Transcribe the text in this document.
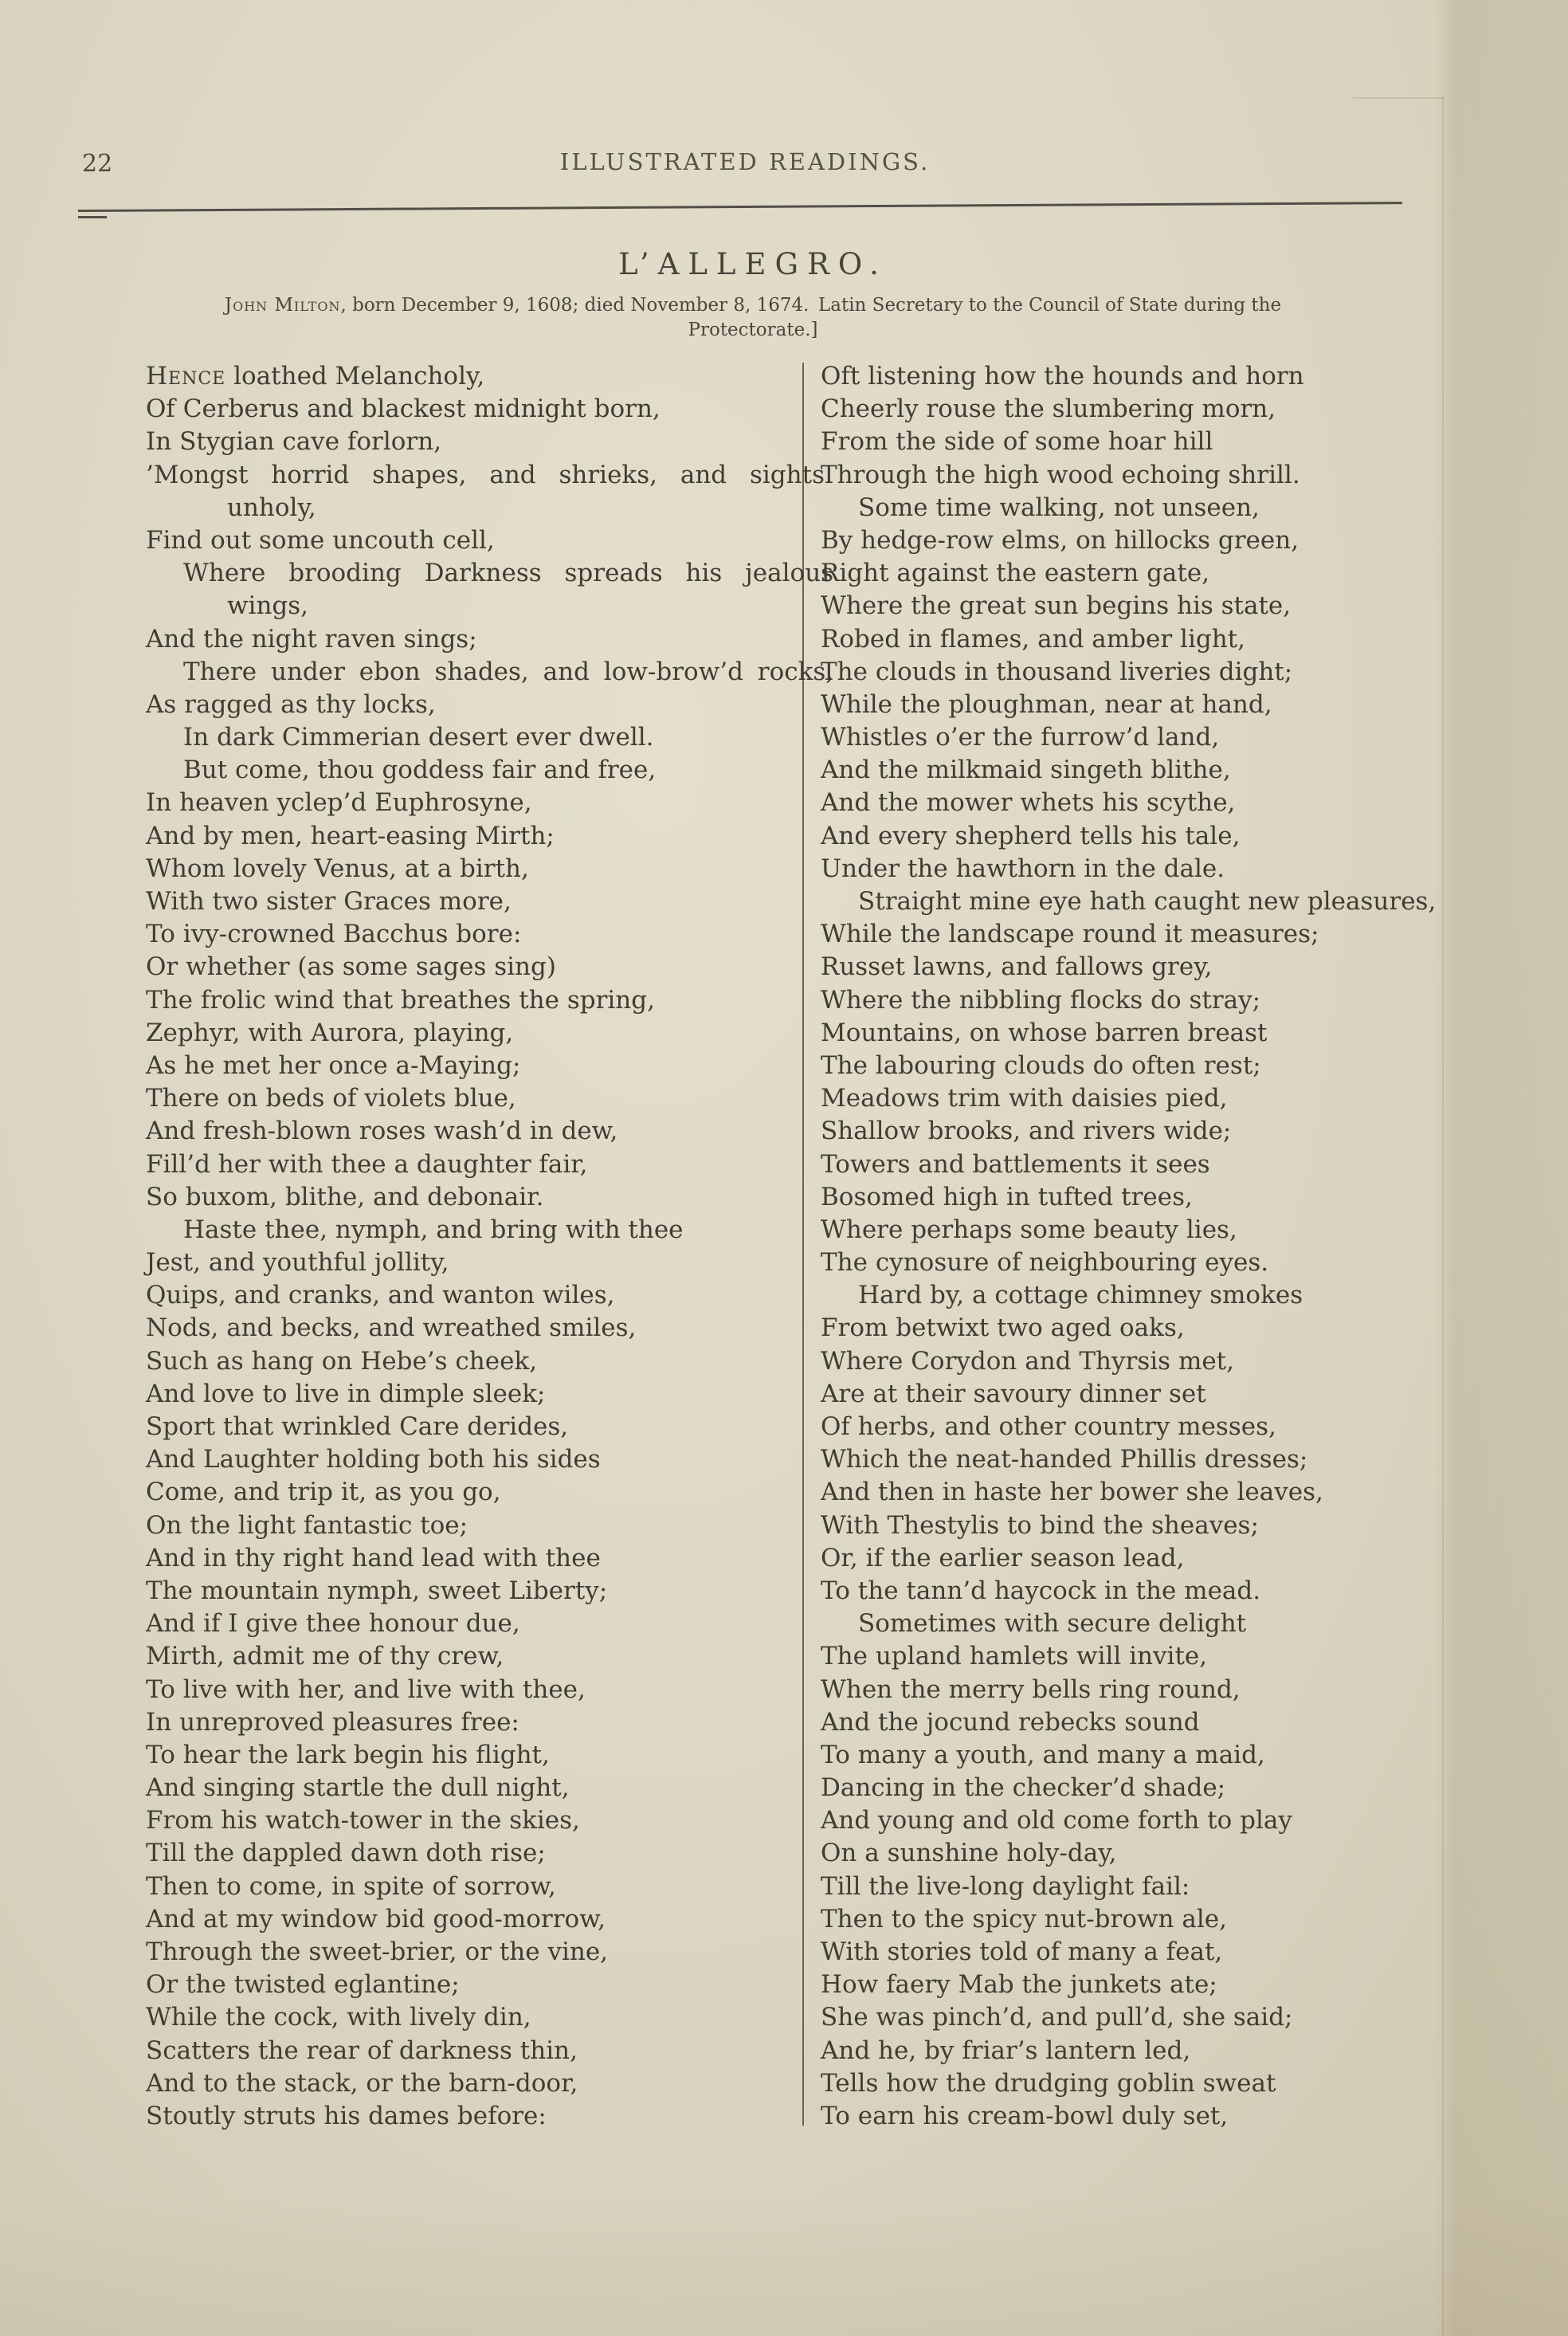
22	ILLUSTRATED READINGS.
L’ALLEGRO.
John Milton, born December 9, 1608; died November 8, 1674. Latin Secretary to the Council of State during the
Protectorate.]
Hence loathed Melancholy,
Of Cerberus and blackest midnight born,
In Stygian cave forlorn,
’Mongst horrid shapes, and shrieks, and sights
unholy,
Find out some uncouth cell,
Where brooding Darkness spreads his jealous
wings,
And the night raven sings;
There under ebon shades, and low-brow’d rocks,
As ragged as thy locks,
In dark Cimmerian desert ever dwell.
But come, thou goddess fair and free,
In heaven yclep’d Euphrosyne,
And by men, heart-easing Mirth;
Whom lovely Venus, at a birth,
With two sister Graces more,
To ivy-crowned Bacchus bore:
Or whether (as some sages sing)
The frolic wind that breathes the spring,
Zephyr, with Aurora, playing,
As he met her once a-Maying;
There on beds of violets blue,
And fresh-blown roses wash’d in dew,
Fill’d her with thee a daughter fair,
So buxom, blithe, and debonair.
Haste thee, nymph, and bring with thee
Jest, and youthful jollity,
Quips, and cranks, and wanton wiles,
Nods, and becks, and wreathed smiles,
Such as hang on Hebe’s cheek,
And love to live in dimple sleek;
Sport that wrinkled Care derides,
And Laughter holding both his sides
Come, and trip it, as you go,
On the light fantastic toe;
And in thy right hand lead with thee
The mountain nymph, sweet Liberty;
And if I give thee honour due,
Mirth, admit me of thy crew,
To live with her, and live with thee,
In unreproved pleasures free:
To hear the lark begin his flight,
And singing startle the dull night,
From his watch-tower in the skies,
Till the dappled dawn doth rise;
Then to come, in spite of sorrow,
And at my window bid good-morrow,
Through the sweet-brier, or the vine,
Or the twisted eglantine;
While the cock, with lively din,
Scatters the rear of darkness thin,
And to the stack, or the barn-door,
Stoutly struts his dames before:
Oft listening how the hounds and horn
Cheerly rouse the slumbering morn,
From the side of some hoar hill
Through the high wood echoing shrill.
Some time walking, not unseen,
By hedge-row elms, on hillocks green,
Right against the eastern gate,
Where the great sun begins his state,
Robed in flames, and amber light,
The clouds in thousand liveries dight;
While the ploughman, near at hand,
Whistles o’er the furrow’d land,
And the milkmaid singeth blithe,
And the mower whets his scythe,
And every shepherd tells his tale,
Under the hawthorn in the dale.
Straight mine eye hath caught new pleasures,
While the landscape round it measures;
Russet lawns, and fallows grey,
Where the nibbling flocks do stray;
Mountains, on whose barren breast
The labouring clouds do often rest;
Meadows trim with daisies pied,
Shallow brooks, and rivers wide;
Towers and battlements it sees
Bosomed high in tufted trees,
Where perhaps some beauty lies,
The cynosure of neighbouring eyes.
Hard by, a cottage chimney smokes
From betwixt two aged oaks,
Where Corydon and Thyrsis met,
Are at their savoury dinner set
Of herbs, and other country messes,
Which the neat-handed Phillis dresses;
And then in haste her bower she leaves,
With Thestylis to bind the sheaves;
Or, if the earlier season lead,
To the tann’d haycock in the mead.
Sometimes with secure delight
The upland hamlets will invite,
When the merry bells ring round,
And the jocund rebecks sound
To many a youth, and many a maid,
Dancing in the checker’d shade;
And young and old come forth to play
On a sunshine holy-day,
Till the live-long daylight fail:
Then to the spicy nut-brown ale,
With stories told of many a feat,
How faery Mab the junkets ate;
She was pinch’d, and pull’d, she said;
And he, by friar’s lantern led,
Tells how the drudging goblin sweat
To earn his cream-bowl duly set,
